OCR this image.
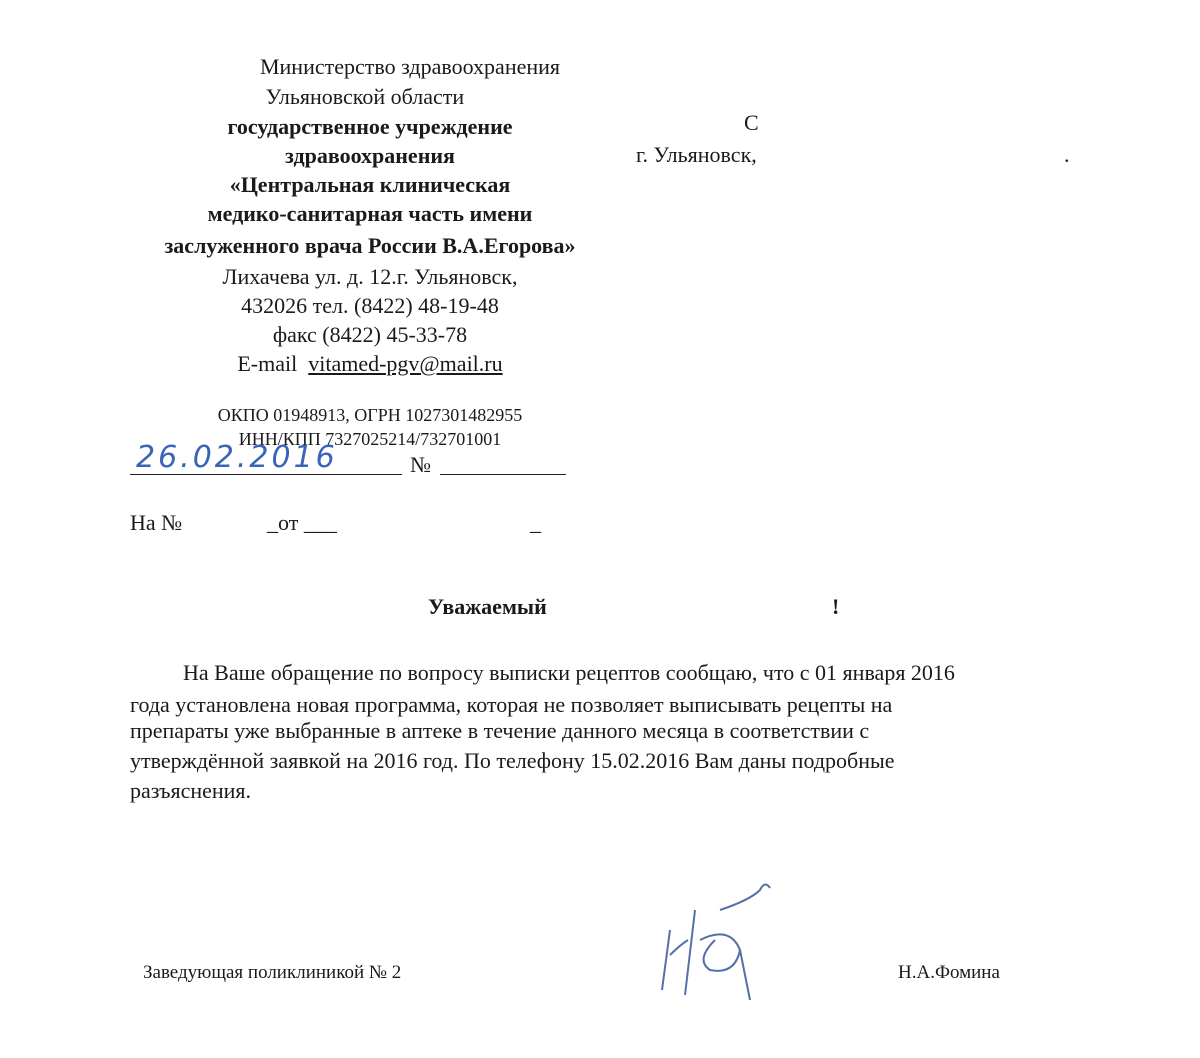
Министерство здравоохранения
Ульяновской области
государственное учреждение
здравоохранения
«Центральная клиническая
медико-санитарная часть имени
заслуженного врача России В.А.Егорова»
Лихачева ул. д. 12.г. Ульяновск,
432026 тел. (8422) 48-19-48
факс (8422) 45-33-78
E-mail vitamed-pgv@mail.ru
ОКПО 01948913, ОГРН 1027301482955
ИНН/КПП 7327025214/732701001
С
г. Ульяновск,	.
26.02.2016	№
На №	_от ___	_
Уважаемый	!
На Ваше обращение по вопросу выписки рецептов сообщаю, что с 01 января 2016
года установлена новая программа, которая не позволяет выписывать рецепты на
препараты уже выбранные в аптеке в течение данного месяца в соответствии с
утверждённой заявкой на 2016 год. По телефону 15.02.2016 Вам даны подробные
разъяснения.
Заведующая поликлиникой № 2	Н.А.Фомина
